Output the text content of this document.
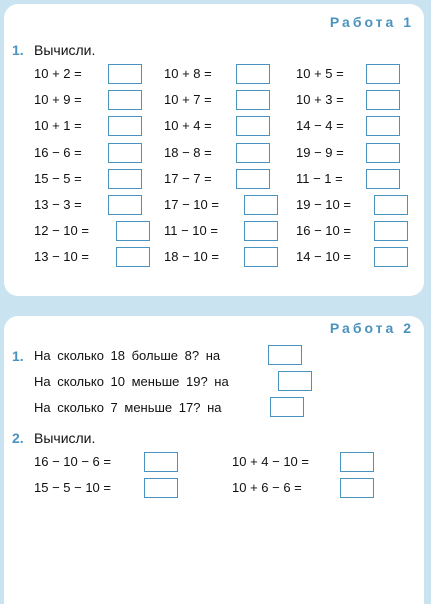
Работа 1
1. Вычисли.
10 + 2 =
10 + 9 =
10 + 1 =
16 − 6 =
15 − 5 =
13 − 3 =
12 − 10 =
13 − 10 =
10 + 8 =
10 + 7 =
10 + 4 =
18 − 8 =
17 − 7 =
17 − 10 =
11 − 10 =
18 − 10 =
10 + 5 =
10 + 3 =
14 − 4 =
19 − 9 =
11 − 1 =
19 − 10 =
16 − 10 =
14 − 10 =
Работа 2
1. На сколько 18 больше 8? на
На сколько 10 меньше 19? на
На сколько 7 меньше 17? на
2. Вычисли.
16 − 10 − 6 =
15 − 5 − 10 =
10 + 4 − 10 =
10 + 6 − 6 =
